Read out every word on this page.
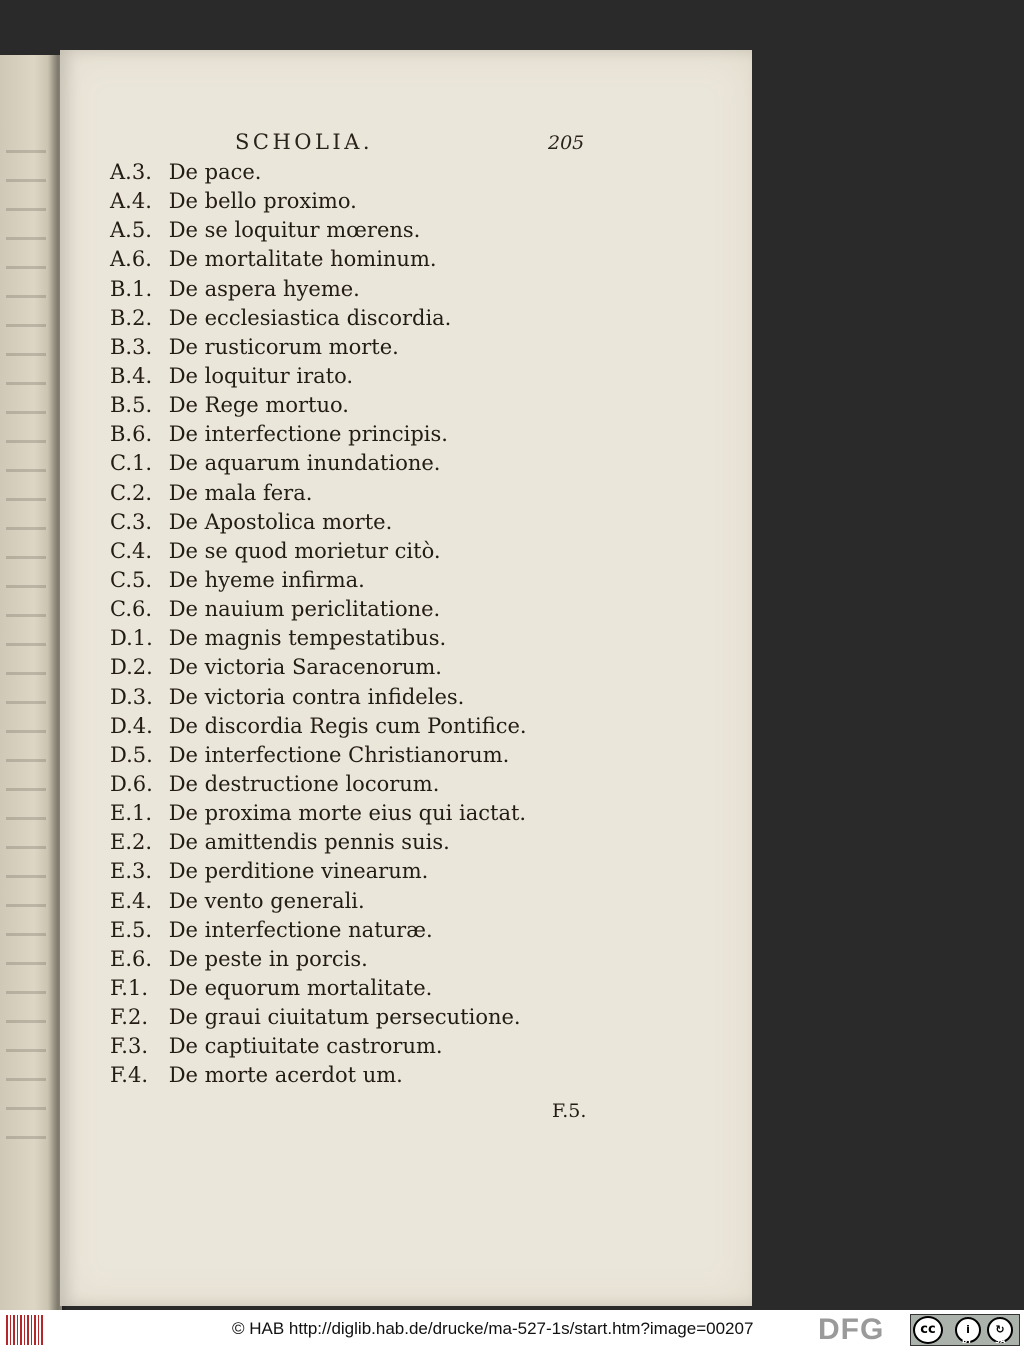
SCHOLIA.	205
A.3. De pace.
A.4. De bello proximo.
A.5. De se loquitur mœrens.
A.6. De mortalitate hominum.
B.1. De aspera hyeme.
B.2. De ecclesiastica discordia.
B.3. De rusticorum morte.
B.4. De loquitur irato.
B.5. De Rege mortuo.
B.6. De interfectione principis.
C.1. De aquarum inundatione.
C.2. De mala fera.
C.3. De Apostolica morte.
C.4. De se quod morietur citò.
C.5. De hyeme infirma.
C.6. De nauium periclitatione.
D.1. De magnis tempestatibus.
D.2. De victoria Saracenorum.
D.3. De victoria contra infideles.
D.4. De discordia Regis cum Pontifice.
D.5. De interfectione Christianorum.
D.6. De destructione locorum.
E.1. De proxima morte eius qui iactat.
E.2. De amittendis pennis suis.
E.3. De perditione vinearum.
E.4. De vento generali.
E.5. De interfectione naturæ.
E.6. De peste in porcis.
F.1. De equorum mortalitate.
F.2. De graui ciuitatum persecutione.
F.3. De captiuitate castrorum.
F.4. De morte acerdot um.
F.5.
© HAB http://diglib.hab.de/drucke/ma-527-1s/start.htm?image=00207 DFG	cc	i	↻
BY	SA
